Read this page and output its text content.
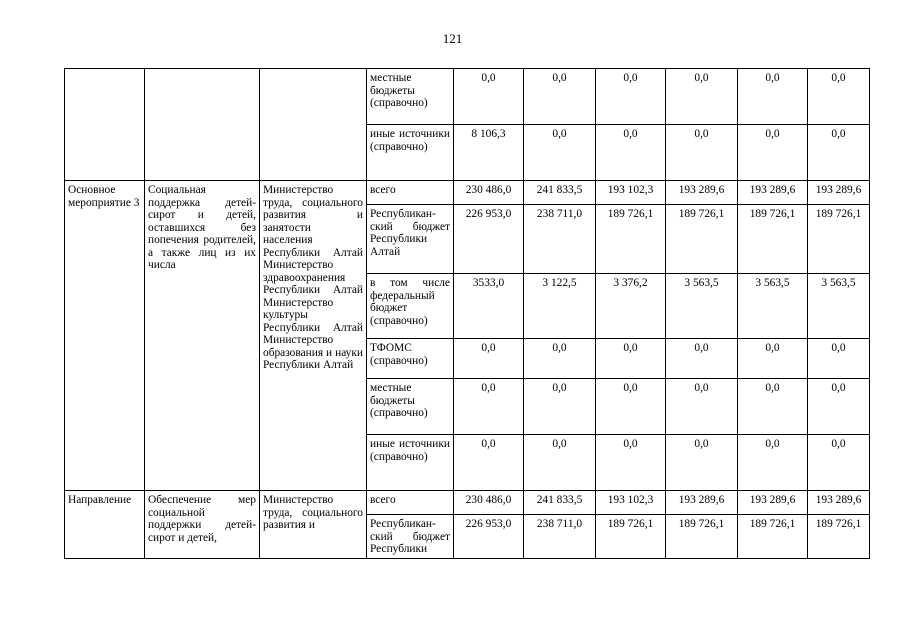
121
			местные бюджеты (справочно)	0,0	0,0	0,0	0,0	0,0	0,0
			иные источники (справочно)	8 106,3	0,0	0,0	0,0	0,0	0,0
Основное мероприятие 3	Социальная поддержка детей-сирот и детей, оставшихся без попечения родителей, а также лиц из их числа	Министерство труда, социального развития и занятости населения Республики Алтай Министерство здравоохранения Республики Алтай Министерство культуры Республики Алтай Министерство образования и науки Республики Алтай	всего	230 486,0	241 833,5	193 102,3	193 289,6	193 289,6	193 289,6
			Республикан-ский бюджет Республики Алтай	226 953,0	238 711,0	189 726,1	189 726,1	189 726,1	189 726,1
			в том числе федеральный бюджет (справочно)	3533,0	3 122,5	3 376,2	3 563,5	3 563,5	3 563,5
			ТФОМС (справочно)	0,0	0,0	0,0	0,0	0,0	0,0
			местные бюджеты (справочно)	0,0	0,0	0,0	0,0	0,0	0,0
			иные источники (справочно)	0,0	0,0	0,0	0,0	0,0	0,0
Направление	Обеспечение мер социальной поддержки детей-сирот и детей,	Министерство труда, социального развития и	всего	230 486,0	241 833,5	193 102,3	193 289,6	193 289,6	193 289,6
			Республикан-ский бюджет Республики	226 953,0	238 711,0	189 726,1	189 726,1	189 726,1	189 726,1
